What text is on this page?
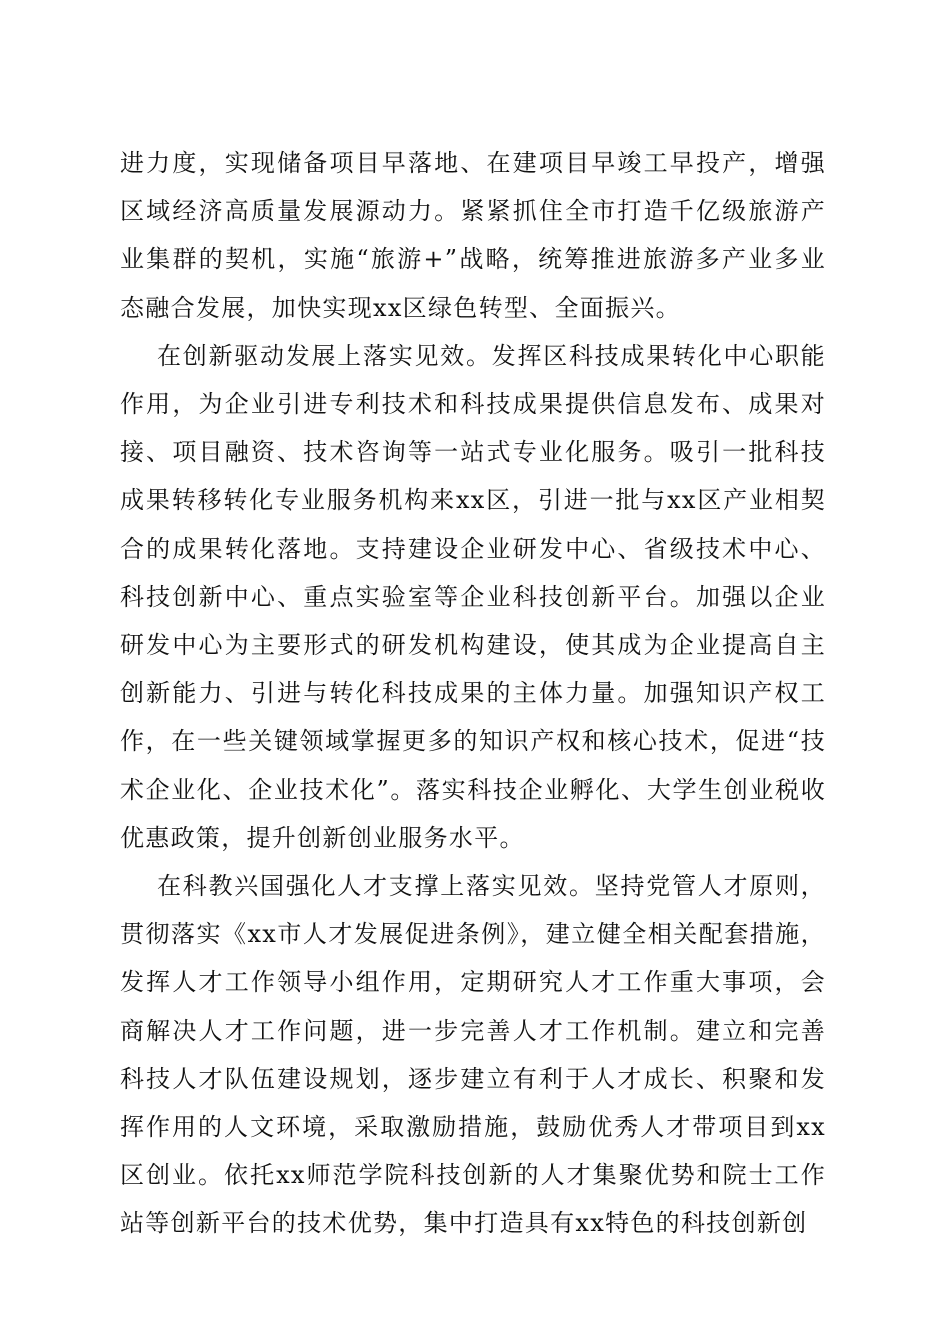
进力度，实现储备项目早落地、在建项目早竣工早投产，增强区域经济高质量发展源动力。紧紧抓住全市打造千亿级旅游产业集群的契机，实施“旅游+”战略，统筹推进旅游多产业多业态融合发展，加快实现xx区绿色转型、全面振兴。

在创新驱动发展上落实见效。发挥区科技成果转化中心职能作用，为企业引进专利技术和科技成果提供信息发布、成果对接、项目融资、技术咨询等一站式专业化服务。吸引一批科技成果转移转化专业服务机构来xx区，引进一批与xx区产业相契合的成果转化落地。支持建设企业研发中心、省级技术中心、科技创新中心、重点实验室等企业科技创新平台。加强以企业研发中心为主要形式的研发机构建设，使其成为企业提高自主创新能力、引进与转化科技成果的主体力量。加强知识产权工作，在一些关键领域掌握更多的知识产权和核心技术，促进“技术企业化、企业技术化”。落实科技企业孵化、大学生创业税收优惠政策，提升创新创业服务水平。

在科教兴国强化人才支撑上落实见效。坚持党管人才原则，贯彻落实《xx市人才发展促进条例》，建立健全相关配套措施，发挥人才工作领导小组作用，定期研究人才工作重大事项，会商解决人才工作问题，进一步完善人才工作机制。建立和完善科技人才队伍建设规划，逐步建立有利于人才成长、积聚和发挥作用的人文环境，采取激励措施，鼓励优秀人才带项目到xx区创业。依托xx师范学院科技创新的人才集聚优势和院士工作站等创新平台的技术优势，集中打造具有xx特色的科技创新创
